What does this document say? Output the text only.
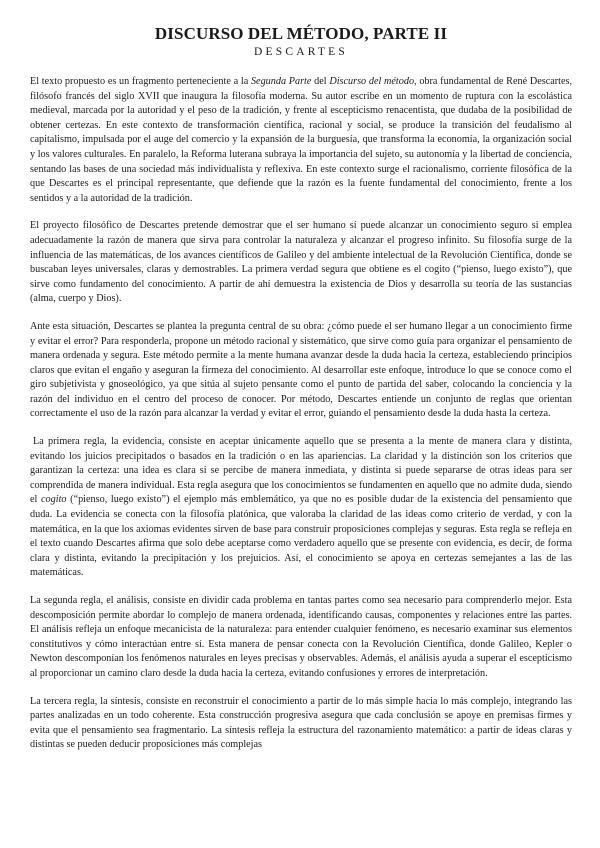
DISCURSO DEL MÉTODO, PARTE II
DESCARTES

El texto propuesto es un fragmento perteneciente a la Segunda Parte del Discurso del método, obra fundamental de René Descartes, filósofo francés del siglo XVII que inaugura la filosofía moderna. Su autor escribe en un momento de ruptura con la escolástica medieval, marcada por la autoridad y el peso de la tradición, y frente al escepticismo renacentista, que dudaba de la posibilidad de obtener certezas. En este contexto de transformación científica, racional y social, se produce la transición del feudalismo al capitalismo, impulsada por el auge del comercio y la expansión de la burguesía, que transforma la economía, la organización social y los valores culturales. En paralelo, la Reforma luterana subraya la importancia del sujeto, su autonomía y la libertad de conciencia, sentando las bases de una sociedad más individualista y reflexiva. En este contexto surge el racionalismo, corriente filosófica de la que Descartes es el principal representante, que defiende que la razón es la fuente fundamental del conocimiento, frente a los sentidos y a la autoridad de la tradición.

El proyecto filosófico de Descartes pretende demostrar que el ser humano sí puede alcanzar un conocimiento seguro si emplea adecuadamente la razón de manera que sirva para controlar la naturaleza y alcanzar el progreso infinito. Su filosofía surge de la influencia de las matemáticas, de los avances científicos de Galileo y del ambiente intelectual de la Revolución Científica, donde se buscaban leyes universales, claras y demostrables. La primera verdad segura que obtiene es el cogito (“pienso, luego existo”), que sirve como fundamento del conocimiento. A partir de ahí demuestra la existencia de Dios y desarrolla su teoría de las sustancias (alma, cuerpo y Dios).

Ante esta situación, Descartes se plantea la pregunta central de su obra: ¿cómo puede el ser humano llegar a un conocimiento firme y evitar el error? Para responderla, propone un método racional y sistemático, que sirve como guía para organizar el pensamiento de manera ordenada y segura. Este método permite a la mente humana avanzar desde la duda hacia la certeza, estableciendo principios claros que evitan el engaño y aseguran la firmeza del conocimiento. Al desarrollar este enfoque, introduce lo que se conoce como el giro subjetivista y gnoseológico, ya que sitúa al sujeto pensante como el punto de partida del saber, colocando la conciencia y la razón del individuo en el centro del proceso de conocer. Por método, Descartes entiende un conjunto de reglas que orientan correctamente el uso de la razón para alcanzar la verdad y evitar el error, guiando el pensamiento desde la duda hasta la certeza.

La primera regla, la evidencia, consiste en aceptar únicamente aquello que se presenta a la mente de manera clara y distinta, evitando los juicios precipitados o basados en la tradición o en las apariencias. La claridad y la distinción son los criterios que garantizan la certeza: una idea es clara si se percibe de manera inmediata, y distinta si puede separarse de otras ideas para ser comprendida de manera individual. Esta regla asegura que los conocimientos se fundamenten en aquello que no admite duda, siendo el cogito (“pienso, luego existo”) el ejemplo más emblemático, ya que no es posible dudar de la existencia del pensamiento que duda. La evidencia se conecta con la filosofía platónica, que valoraba la claridad de las ideas como criterio de verdad, y con la matemática, en la que los axiomas evidentes sirven de base para construir proposiciones complejas y seguras. Esta regla se refleja en el texto cuando Descartes afirma que solo debe aceptarse como verdadero aquello que se presente con evidencia, es decir, de forma clara y distinta, evitando la precipitación y los prejuicios. Así, el conocimiento se apoya en certezas semejantes a las de las matemáticas.

La segunda regla, el análisis, consiste en dividir cada problema en tantas partes como sea necesario para comprenderlo mejor. Esta descomposición permite abordar lo complejo de manera ordenada, identificando causas, componentes y relaciones entre las partes. El análisis refleja un enfoque mecanicista de la naturaleza: para entender cualquier fenómeno, es necesario examinar sus elementos constitutivos y cómo interactúan entre sí. Esta manera de pensar conecta con la Revolución Científica, donde Galileo, Kepler o Newton descomponían los fenómenos naturales en leyes precisas y observables. Además, el análisis ayuda a superar el escepticismo al proporcionar un camino claro desde la duda hacia la certeza, evitando confusiones y errores de interpretación.

La tercera regla, la síntesis, consiste en reconstruir el conocimiento a partir de lo más simple hacia lo más complejo, integrando las partes analizadas en un todo coherente. Esta construcción progresiva asegura que cada conclusión se apoye en premisas firmes y evita que el pensamiento sea fragmentario. La síntesis refleja la estructura del razonamiento matemático: a partir de ideas claras y distintas se pueden deducir proposiciones más complejas
